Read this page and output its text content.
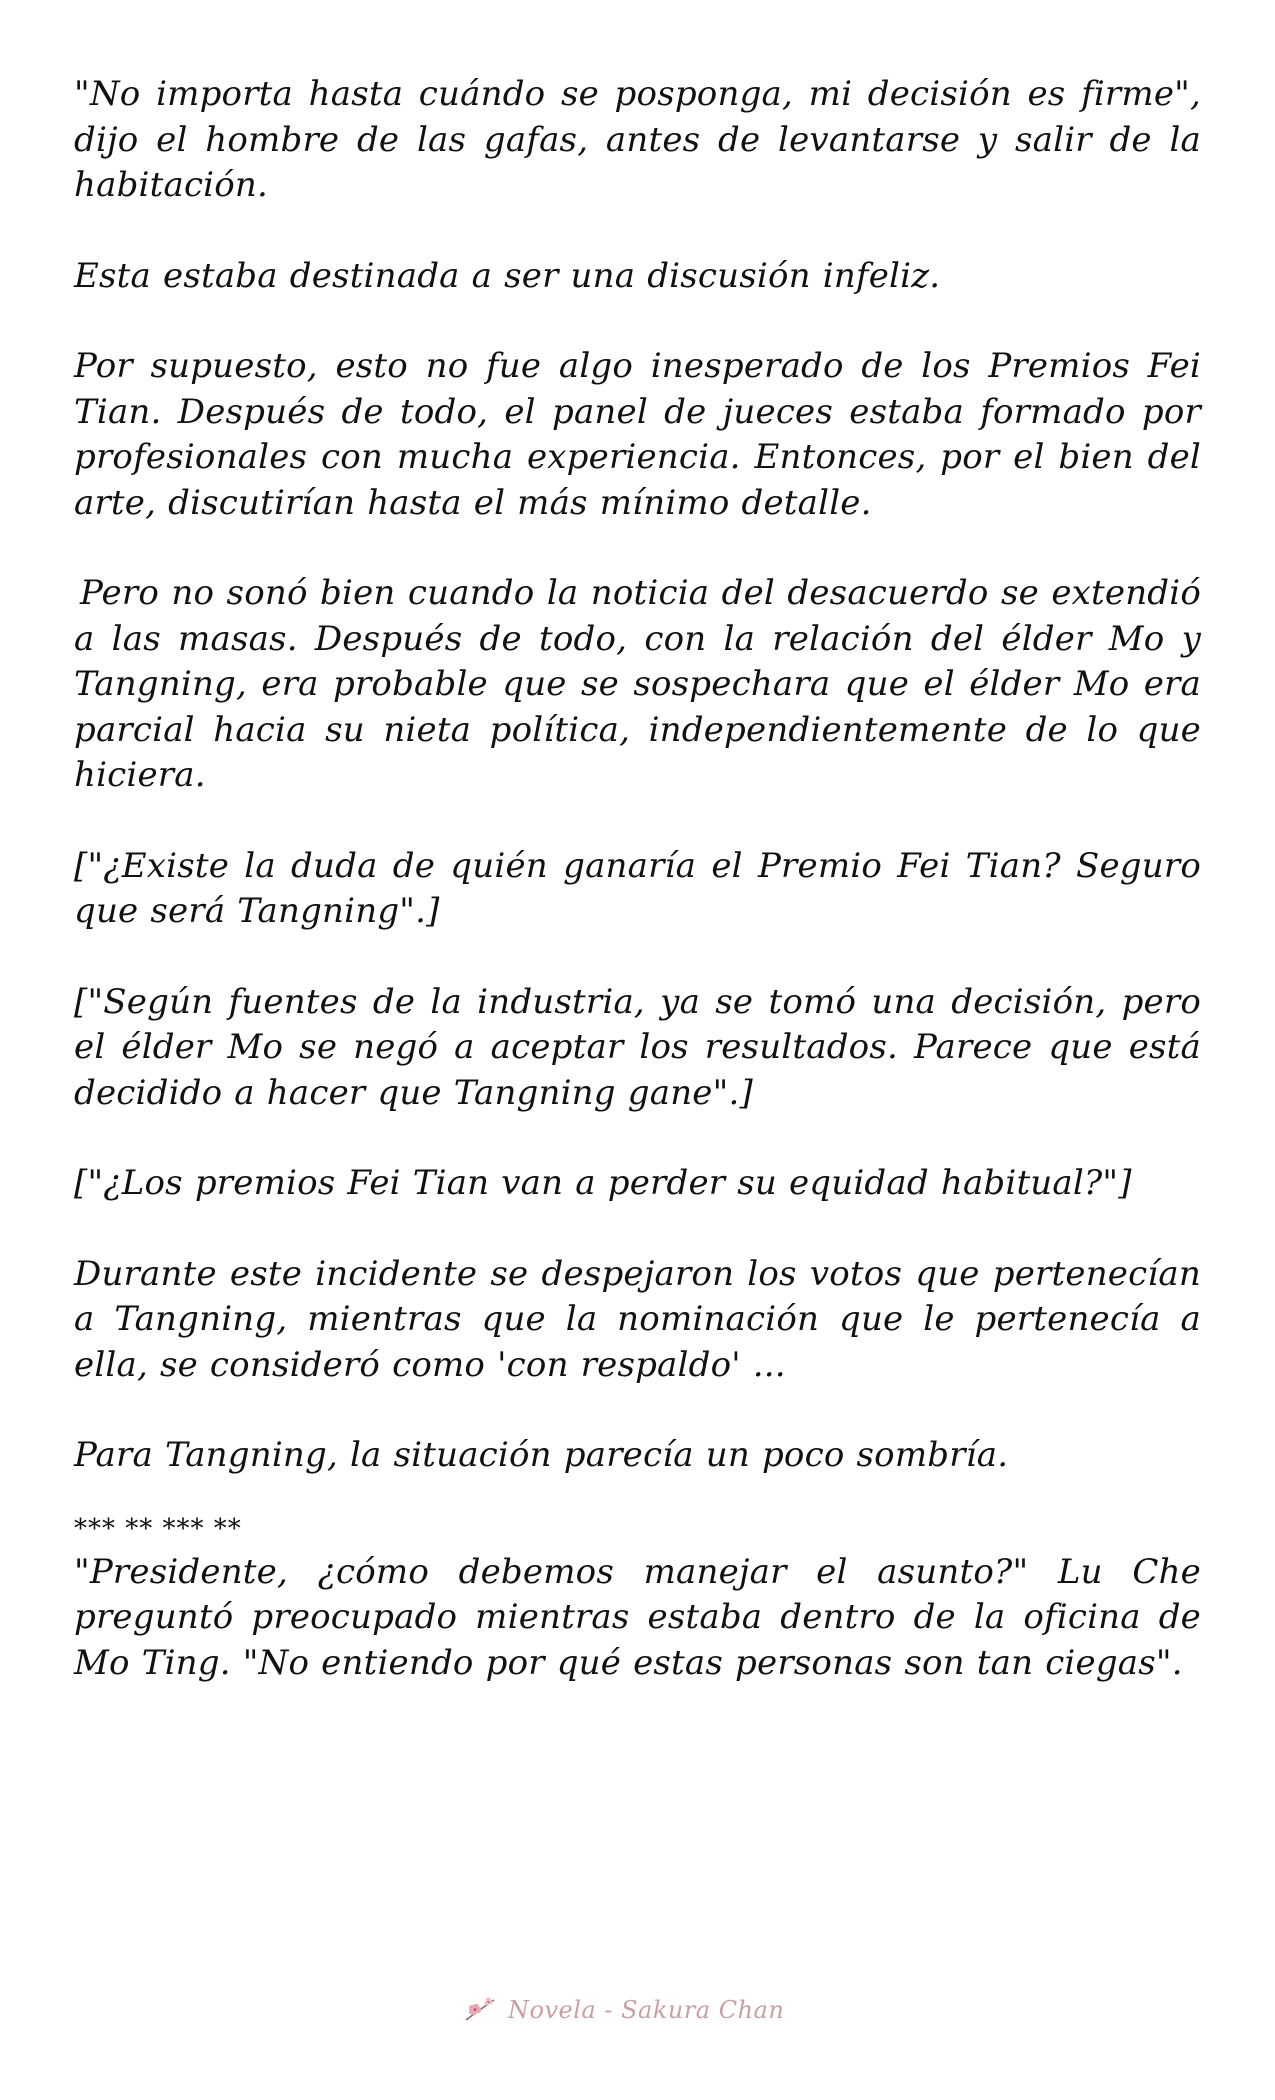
"No importa hasta cuándo se posponga, mi decisión es firme", dijo el hombre de las gafas, antes de levantarse y salir de la habitación.

Esta estaba destinada a ser una discusión infeliz.

Por supuesto, esto no fue algo inesperado de los Premios Fei Tian. Después de todo, el panel de jueces estaba formado por profesionales con mucha experiencia. Entonces, por el bien del arte, discutirían hasta el más mínimo detalle.

Pero no sonó bien cuando la noticia del desacuerdo se extendió a las masas. Después de todo, con la relación del élder Mo y Tangning, era probable que se sospechara que el élder Mo era parcial hacia su nieta política, independientemente de lo que hiciera.

["¿Existe la duda de quién ganaría el Premio Fei Tian? Seguro que será Tangning".]

["Según fuentes de la industria, ya se tomó una decisión, pero el élder Mo se negó a aceptar los resultados. Parece que está decidido a hacer que Tangning gane".]

["¿Los premios Fei Tian van a perder su equidad habitual?"]

Durante este incidente se despejaron los votos que pertenecían a Tangning, mientras que la nominación que le pertenecía a ella, se consideró como 'con respaldo' ...

Para Tangning, la situación parecía un poco sombría.

*** ** *** **

"Presidente, ¿cómo debemos manejar el asunto?" Lu Che preguntó preocupado mientras estaba dentro de la oficina de Mo Ting. "No entiendo por qué estas personas son tan ciegas".

Novela - Sakura Chan
